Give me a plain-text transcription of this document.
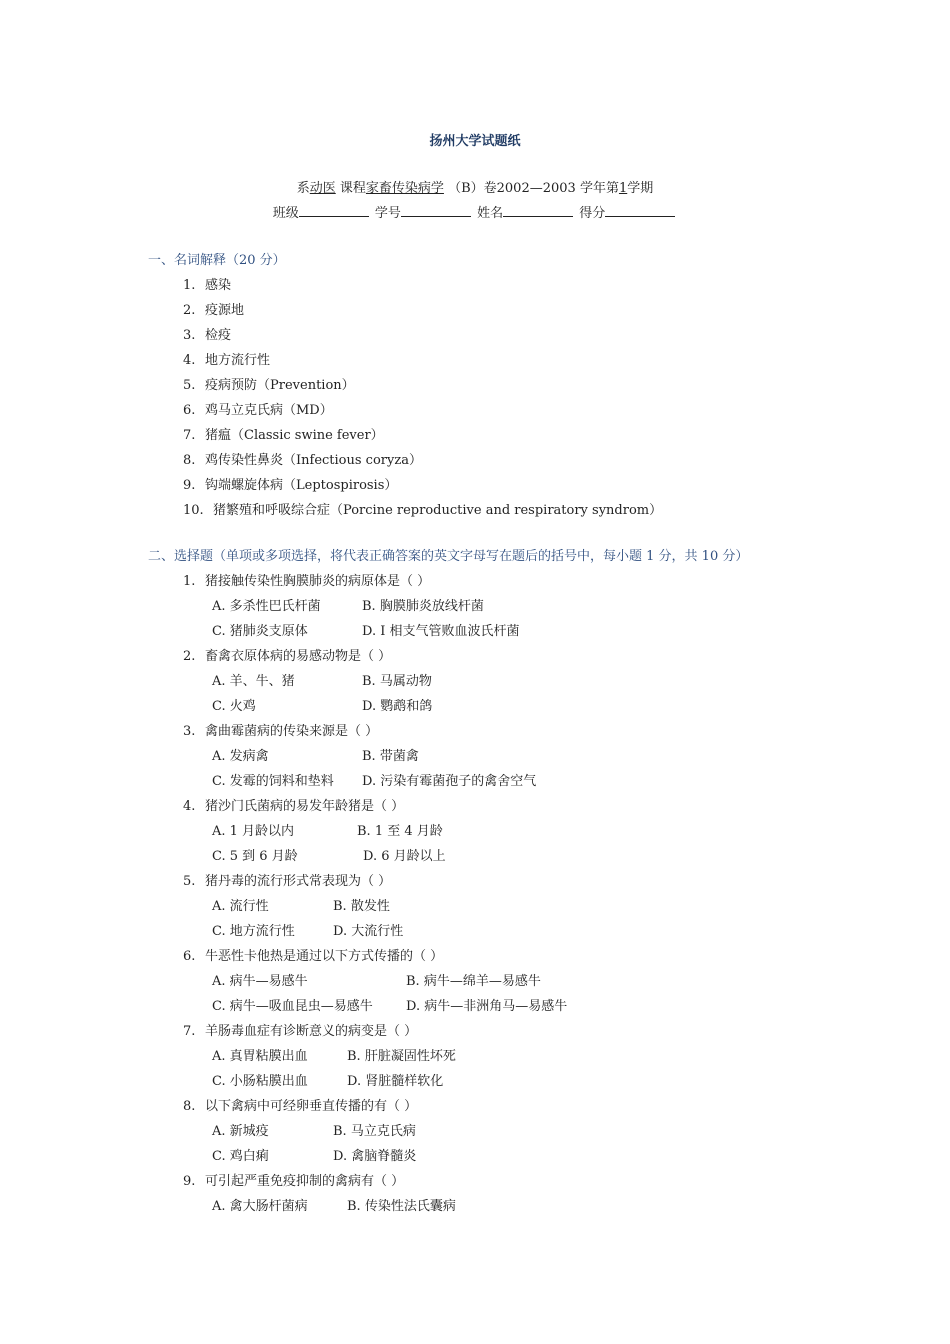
扬州大学试题纸
系动医 课程家畜传染病学 （B）卷2002—2003 学年第1学期
班级	学号	姓名	得分
一、名词解释（20 分）
1. 感染
2. 疫源地
3. 检疫
4. 地方流行性
5. 疫病预防（Prevention）
6. 鸡马立克氏病（MD）
7. 猪瘟（Classic swine fever）
8. 鸡传染性鼻炎（Infectious coryza）
9. 钩端螺旋体病（Leptospirosis）
10. 猪繁殖和呼吸综合症（Porcine reproductive and respiratory syndrom）
二、选择题（单项或多项选择，将代表正确答案的英文字母写在题后的括号中，每小题 1 分，共 10 分）
1. 猪接触传染性胸膜肺炎的病原体是（ ）
A. 多杀性巴氏杆菌	B. 胸膜肺炎放线杆菌
C. 猪肺炎支原体	D. I 相支气管败血波氏杆菌
2. 畜禽衣原体病的易感动物是（ ）
A. 羊、牛、猪	B. 马属动物
C. 火鸡	D. 鹦鹉和鸽
3. 禽曲霉菌病的传染来源是（ ）
A. 发病禽	B. 带菌禽
C. 发霉的饲料和垫料 D. 污染有霉菌孢子的禽舍空气
4. 猪沙门氏菌病的易发年龄猪是（ ）
A. 1 月龄以内	B. 1 至 4 月龄
C. 5 到 6 月龄	D. 6 月龄以上
5. 猪丹毒的流行形式常表现为（ ）
A. 流行性	B. 散发性
C. 地方流行性	D. 大流行性
6. 牛恶性卡他热是通过以下方式传播的（ ）
A. 病牛—易感牛	B. 病牛—绵羊—易感牛
C. 病牛—吸血昆虫—易感牛	D. 病牛—非洲角马—易感牛
7. 羊肠毒血症有诊断意义的病变是（ ）
A. 真胃粘膜出血	B. 肝脏凝固性坏死
C. 小肠粘膜出血	D. 肾脏髓样软化
8. 以下禽病中可经卵垂直传播的有（ ）
A. 新城疫	B. 马立克氏病
C. 鸡白痢	D. 禽脑脊髓炎
9. 可引起严重免疫抑制的禽病有（ ）
A. 禽大肠杆菌病	B. 传染性法氏囊病
